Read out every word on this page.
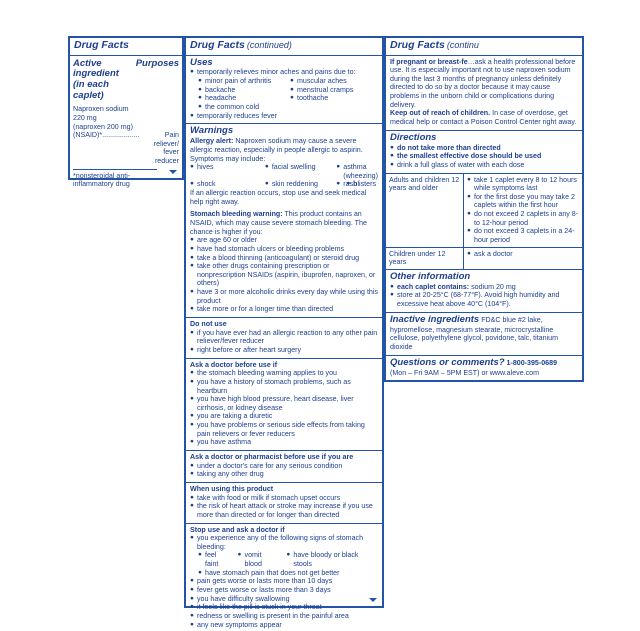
Drug Facts
Active ingredient (in each caplet)
Purposes
Naproxen sodium
220 mg
(naproxen 200 mg)
(NSAID)* ...................	Pain reliever/ fever reducer
*nonsteroidal anti-inflammatory drug
Drug Facts (continued)
Uses
● temporarily relieves minor aches and pains due to:
● minor pain of arthritis	● muscular aches
● backache	● menstrual cramps
● headache	● toothache
● the common cold
● temporarily reduces fever
Warnings
Allergy alert: Naproxen sodium may cause a severe allergic reaction, especially in people allergic to aspirin. Symptoms may include:
● hives	● facial swelling	● asthma (wheezing)
● shock	● skin reddening	● rash
● blisters
If an allergic reaction occurs, stop use and seek medical help right away.
Stomach bleeding warning: This product contains an NSAID, which may cause severe stomach bleeding. The chance is higher if you:
● are age 60 or older
● have had stomach ulcers or bleeding problems
● take a blood thinning (anticoagulant) or steroid drug
● take other drugs containing prescription or nonprescription NSAIDs (aspirin, ibuprofen, naproxen, or others)
● have 3 or more alcoholic drinks every day while using this product
● take more or for a longer time than directed
Do not use
● if you have ever had an allergic reaction to any other pain reliever/fever reducer
● right before or after heart surgery
Ask a doctor before use if
● the stomach bleeding warning applies to you
● you have a history of stomach problems, such as heartburn
● you have high blood pressure, heart disease, liver cirrhosis, or kidney disease
● you are taking a diuretic
● you have problems or serious side effects from taking pain relievers or fever reducers
● you have asthma
Ask a doctor or pharmacist before use if you are
● under a doctor's care for any serious condition
● taking any other drug
When using this product
● take with food or milk if stomach upset occurs
● the risk of heart attack or stroke may increase if you use more than directed or for longer than directed
Stop use and ask a doctor if
● you experience any of the following signs of stomach bleeding:
● feel faint
● vomit blood
● have bloody or black stools
● have stomach pain that does not get better
● pain gets worse or lasts more than 10 days
● fever gets worse or lasts more than 3 days
● you have difficulty swallowing
● it feels like the pill is stuck in your throat
● redness or swelling is present in the painful area
● any new symptoms appear
Drug Facts (continu
If pregnant or breast-fe…ask a health professional before use. It is especially important not to use naproxen sodium during the last 3 months of pregnancy unless definitely directed to do so by a doctor because it may cause problems in the unborn child or complications during delivery.
Keep out of reach of children. In case of overdose, get medical help or contact a Poison Control Center right away.
Directions
● do not take more than directed
● the smallest effective dose should be used
● drink a full glass of water with each dose
Adults and children 12 years and older
● take 1 caplet every 8 to 12 hours while symptoms last
● for the first dose you may take 2 caplets within the first hour
● do not exceed 2 caplets in any 8- to 12-hour period
● do not exceed 3 caplets in a 24-hour period
Children under 12 years
● ask a doctor
Other information
● each caplet contains: sodium 20 mg
● store at 20-25°C (68-77°F). Avoid high humidity and excessive heat above 40°C (104°F).
Inactive ingredients FD&C blue #2 lake, hypromellose, magnesium stearate, microcrystalline cellulose, polyethylene glycol, povidone, talc, titanium dioxide
Questions or comments? 1-800-395-0689
(Mon – Fri 9AM – 5PM EST) or www.aleve.com
